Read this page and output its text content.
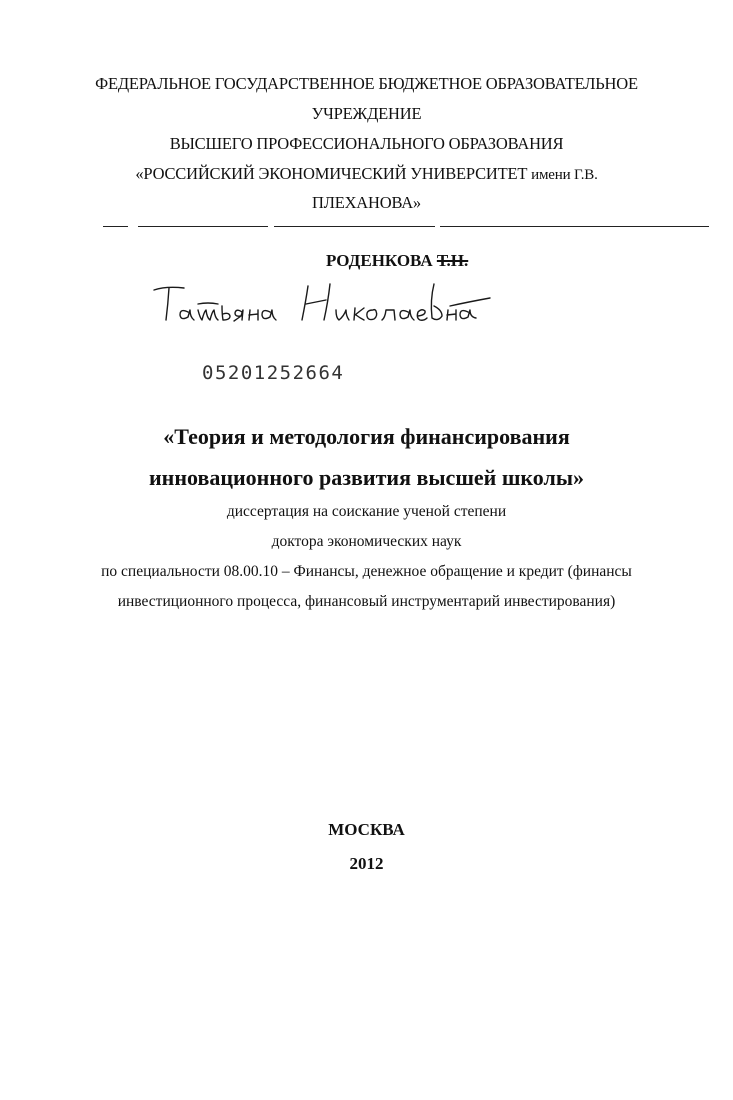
ФЕДЕРАЛЬНОЕ ГОСУДАРСТВЕННОЕ БЮДЖЕТНОЕ ОБРАЗОВАТЕЛЬНОЕ
УЧРЕЖДЕНИЕ
ВЫСШЕГО ПРОФЕССИОНАЛЬНОГО ОБРАЗОВАНИЯ
«РОССИЙСКИЙ ЭКОНОМИЧЕСКИЙ УНИВЕРСИТЕТ имени Г.В.
ПЛЕХАНОВА»
РОДЕНКОВА Т.Н.
05201252664
«Теория и методология финансирования
инновационного развития высшей школы»
диссертация на соискание ученой степени
доктора экономических наук
по специальности 08.00.10 – Финансы, денежное обращение и кредит (финансы
инвестиционного процесса, финансовый инструментарий инвестирования)
МОСКВА
2012
